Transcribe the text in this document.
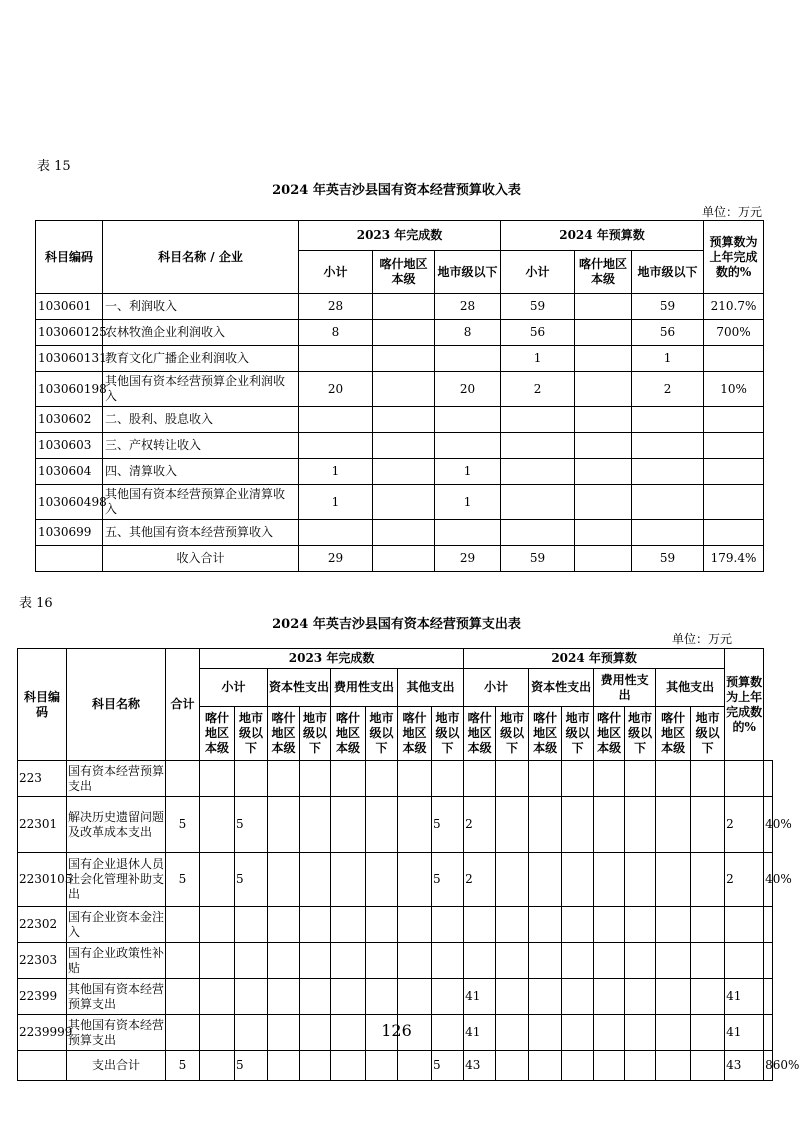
表 15
2024 年英吉沙县国有资本经营预算收入表
单位：万元
科目编码	科目名称 / 企业	2023 年完成数			2024 年预算数			预算数为上年完成数的%
		小计	喀什地区本级	地市级以下	小计	喀什地区本级	地市级以下	
1030601	一、利润收入	28		28	59		59	210.7%
103060125	农林牧渔企业利润收入	8		8	56		56	700%
103060131	教育文化广播企业利润收入				1		1	
103060198	其他国有资本经营预算企业利润收入	20		20	2		2	10%
1030602	二、股利、股息收入							
1030603	三、产权转让收入							
1030604	四、清算收入	1		1				
103060498	其他国有资本经营预算企业清算收入	1		1				
1030699	五、其他国有资本经营预算收入							
	收入合计	29		29	59		59	179.4%
表 16
2024 年英吉沙县国有资本经营预算支出表
单位：万元
科目编码	科目名称	合计	2023 年完成数								2024 年预算数								预算数为上年完成数的%	
			小计		资本性支出		费用性支出		其他支出		小计		资本性支出		费用性支出		其他支出			
			喀什地区本级	地市级以下	喀什地区本级	地市级以下	喀什地区本级	地市级以下	喀什地区本级	地市级以下	喀什地区本级	地市级以下	喀什地区本级	地市级以下	喀什地区本级	地市级以下	喀什地区本级	地市级以下		
223	国有资本经营预算支出																			
22301	解决历史遗留问题及改革成本支出	5		5						5	2								2	40%
2230105	国有企业退休人员社会化管理补助支出	5		5						5	2								2	40%
22302	国有企业资本金注入																			
22303	国有企业政策性补贴																			
22399	其他国有资本经营预算支出										41								41	
2239999	其他国有资本经营预算支出										41								41	
	支出合计	5		5						5	43								43	860%
126
